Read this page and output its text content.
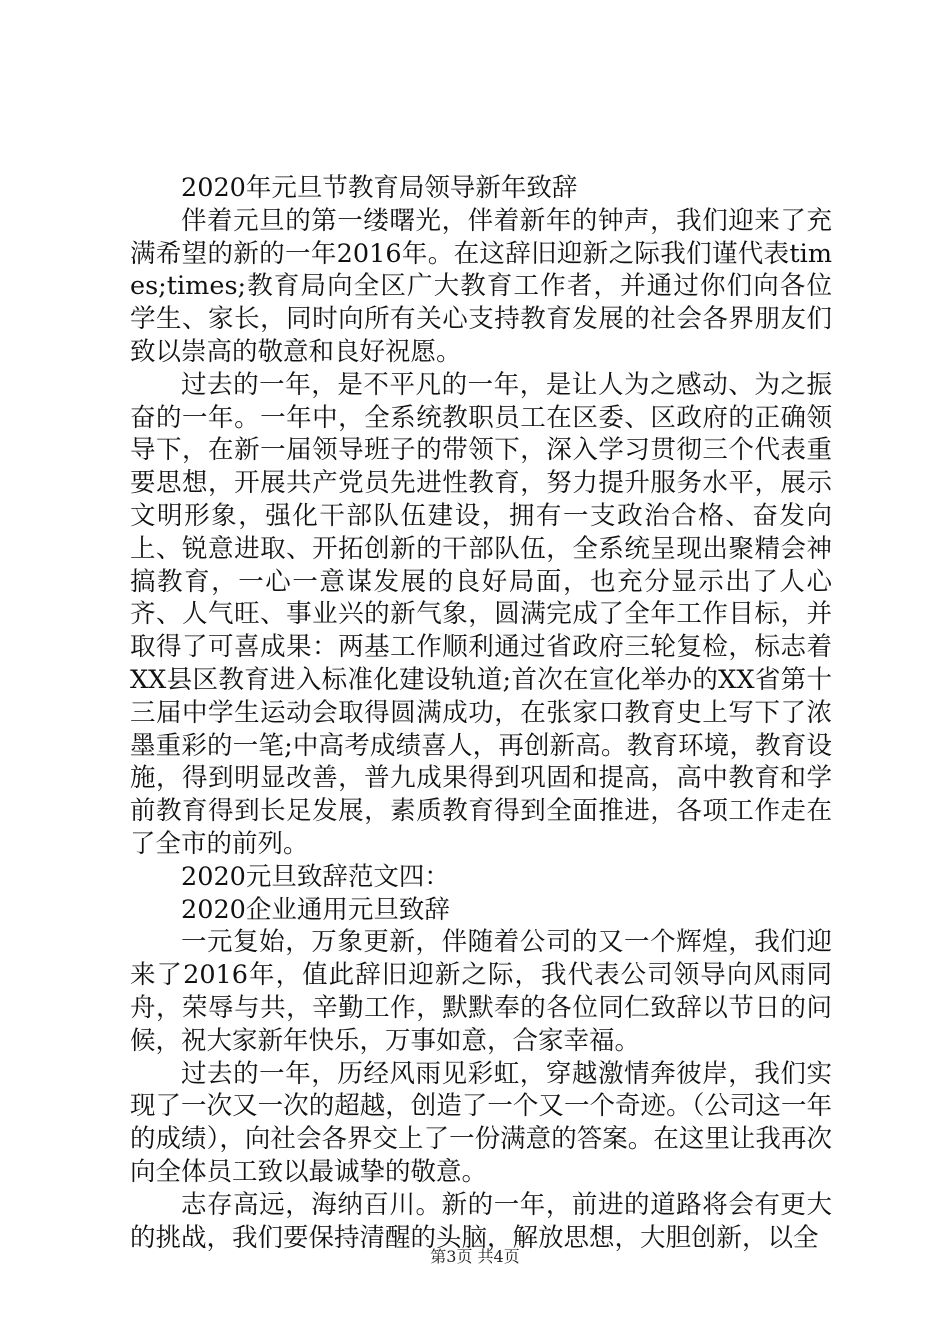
2020年元旦节教育局领导新年致辞

伴着元旦的第一缕曙光，伴着新年的钟声，我们迎来了充满希望的新的一年2016年。在这辞旧迎新之际我们谨代表times;times;教育局向全区广大教育工作者，并通过你们向各位学生、家长，同时向所有关心支持教育发展的社会各界朋友们致以崇高的敬意和良好祝愿。

过去的一年，是不平凡的一年，是让人为之感动、为之振奋的一年。一年中，全系统教职员工在区委、区政府的正确领导下，在新一届领导班子的带领下，深入学习贯彻三个代表重要思想，开展共产党员先进性教育，努力提升服务水平，展示文明形象，强化干部队伍建设，拥有一支政治合格、奋发向上、锐意进取、开拓创新的干部队伍，全系统呈现出聚精会神搞教育，一心一意谋发展的良好局面，也充分显示出了人心齐、人气旺、事业兴的新气象，圆满完成了全年工作目标，并取得了可喜成果：两基工作顺利通过省政府三轮复检，标志着XX县区教育进入标准化建设轨道;首次在宣化举办的XX省第十三届中学生运动会取得圆满成功，在张家口教育史上写下了浓墨重彩的一笔;中高考成绩喜人，再创新高。教育环境，教育设施，得到明显改善，普九成果得到巩固和提高，高中教育和学前教育得到长足发展，素质教育得到全面推进，各项工作走在了全市的前列。

2020元旦致辞范文四：

2020企业通用元旦致辞

一元复始，万象更新，伴随着公司的又一个辉煌，我们迎来了2016年，值此辞旧迎新之际，我代表公司领导向风雨同舟，荣辱与共，辛勤工作，默默奉的各位同仁致辞以节日的问候，祝大家新年快乐，万事如意，合家幸福。

过去的一年，历经风雨见彩虹，穿越激情奔彼岸，我们实现了一次又一次的超越，创造了一个又一个奇迹。（公司这一年的成绩），向社会各界交上了一份满意的答案。在这里让我再次向全体员工致以最诚挚的敬意。

志存高远，海纳百川。新的一年，前进的道路将会有更大的挑战，我们要保持清醒的头脑，解放思想，大胆创新，以全

第3页 共4页
